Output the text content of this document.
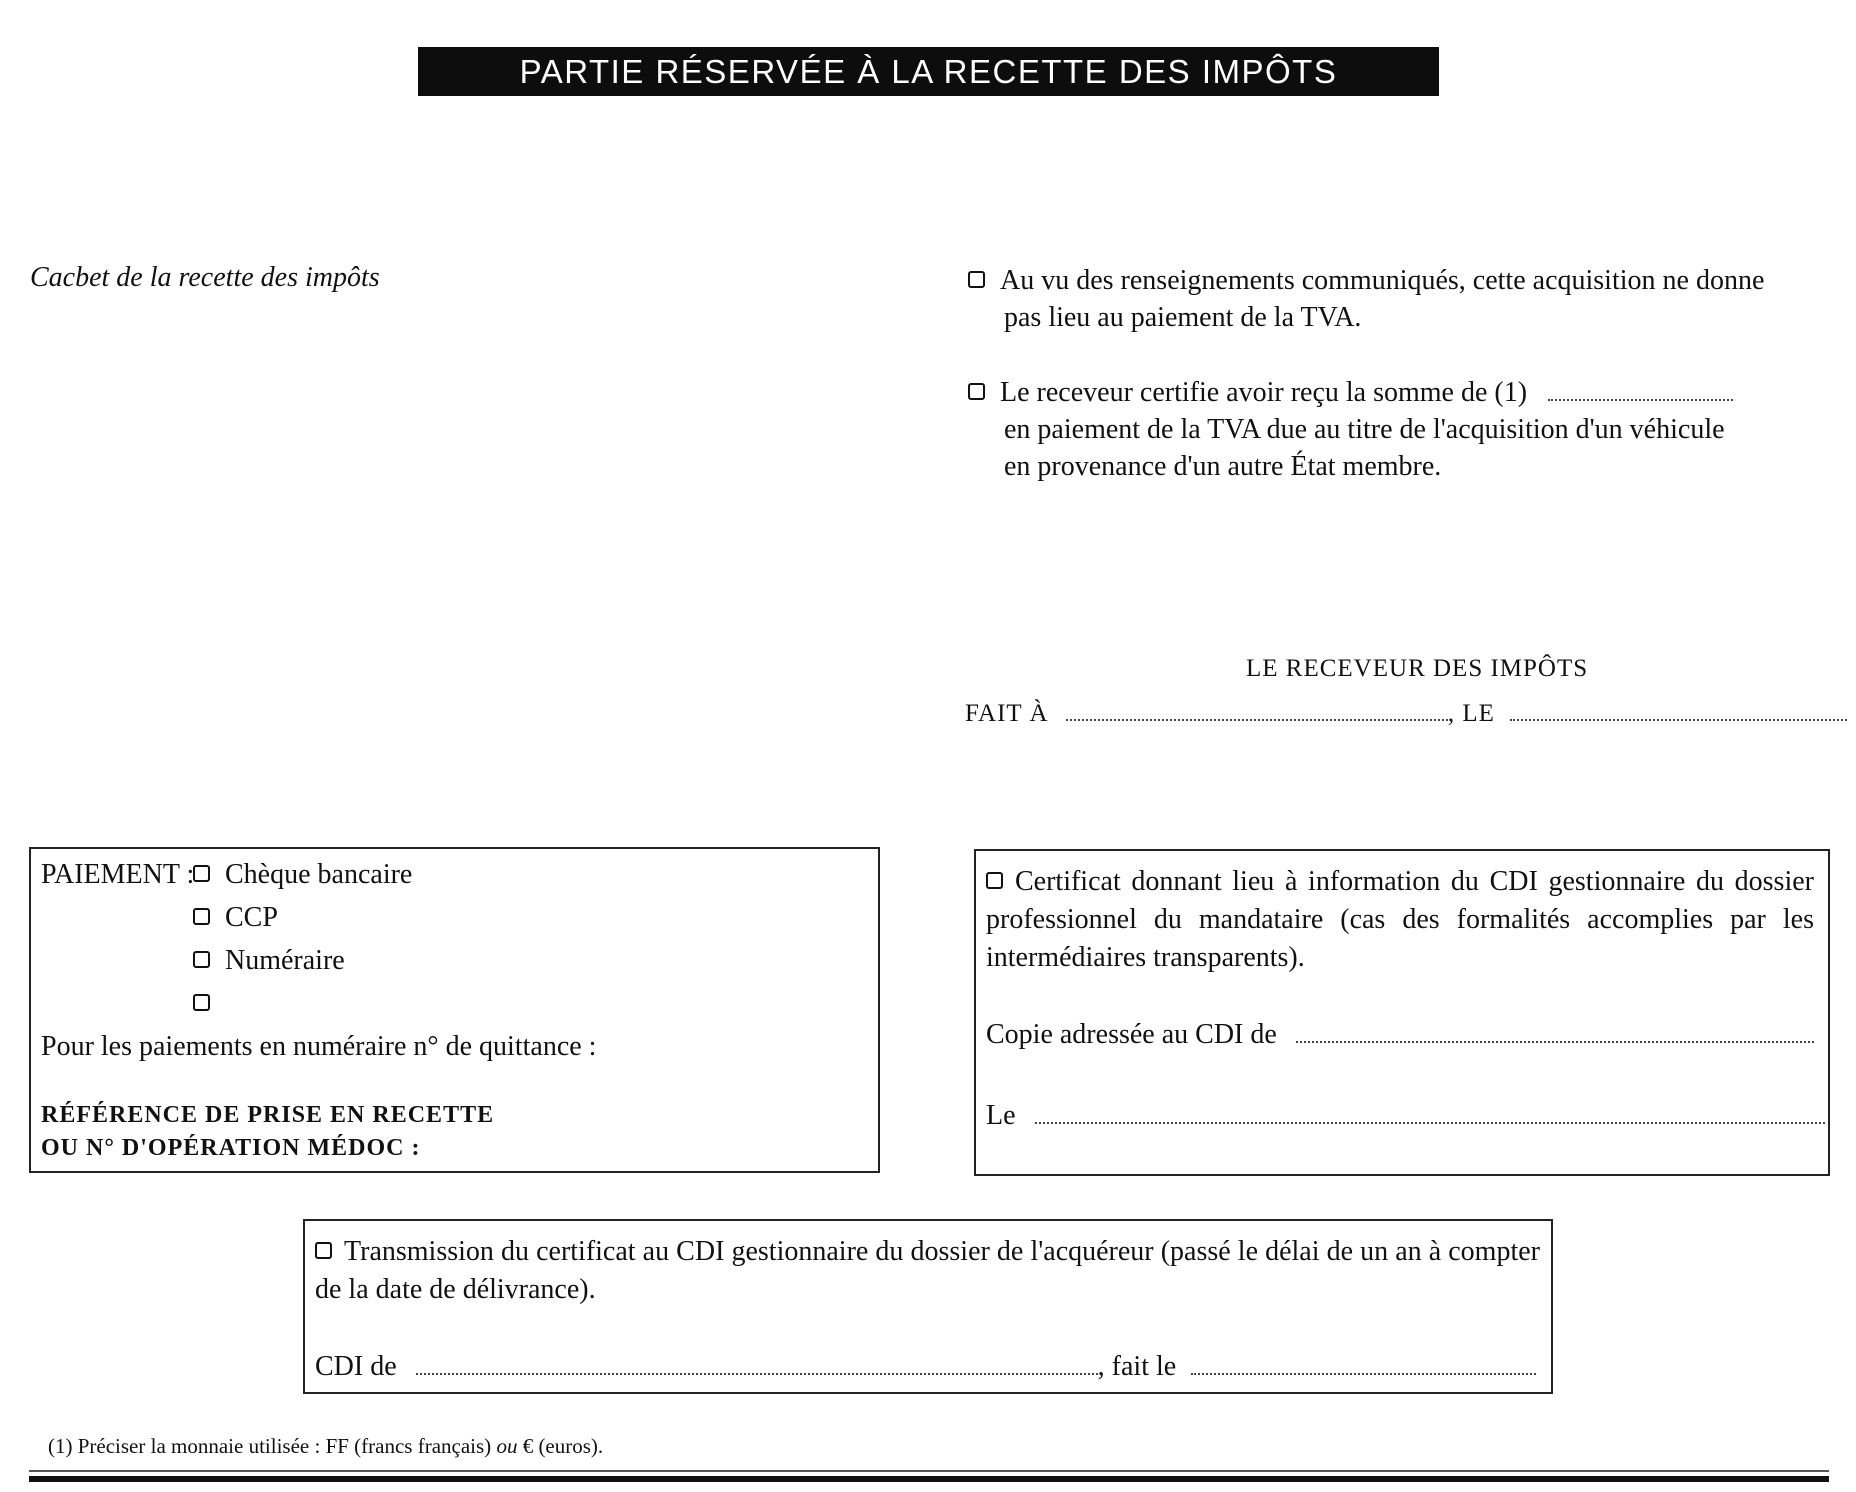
PARTIE RÉSERVÉE À LA RECETTE DES IMPÔTS
Cacbet de la recette des impôts	Au vu des renseignements communiqués, cette acquisition ne donne
pas lieu au paiement de la TVA.
Le receveur certifie avoir reçu la somme de (1)
en paiement de la TVA due au titre de l'acquisition d'un véhicule
en provenance d'un autre État membre.
LE RECEVEUR DES IMPÔTS
FAIT À	, LE
PAIEMENT :	Chèque bancaire
CCP
Numéraire
Pour les paiements en numéraire n° de quittance :
RÉFÉRENCE DE PRISE EN RECETTE
OU N° D'OPÉRATION MÉDOC :
Certificat donnant lieu à information du CDI gestionnaire du dossier professionnel du mandataire (cas des formalités accomplies par les intermédiaires transparents).
Copie adressée au CDI de
Le
Transmission du certificat au CDI gestionnaire du dossier de l'acquéreur (passé le délai de un an à compter de la date de délivrance).
CDI de	, fait le
(1) Préciser la monnaie utilisée : FF (francs français) ou € (euros).
